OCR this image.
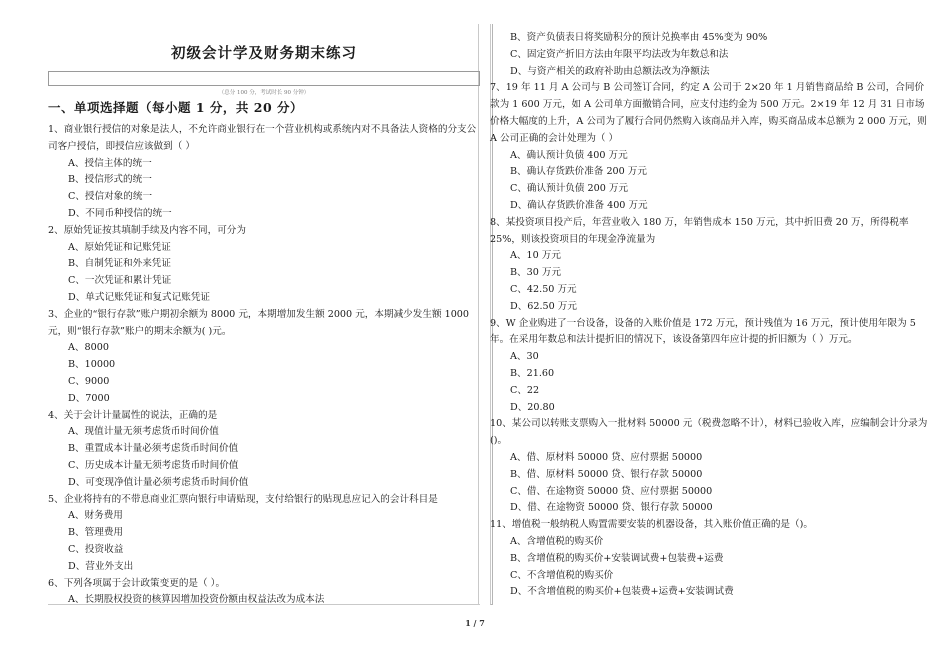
初级会计学及财务期末练习
（总分 100 分，考试时长 90 分钟）
一、单项选择题（每小题 1 分，共 20 分）
1、商业银行授信的对象是法人，不允许商业银行在一个营业机构或系统内对不具备法人资格的分支公司客户授信，即授信应该做到（ ）
A、授信主体的统一
B、授信形式的统一
C、授信对象的统一
D、不同币种授信的统一
2、原始凭证按其填制手续及内容不同，可分为
A、原始凭证和记账凭证
B、自制凭证和外来凭证
C、一次凭证和累计凭证
D、单式记账凭证和复式记账凭证
3、企业的“银行存款”账户期初余额为 8000 元，本期增加发生额 2000 元，本期减少发生额 1000 元，则“银行存款”账户的期末余额为( )元。
A、8000
B、10000
C、9000
D、7000
4、关于会计计量属性的说法，正确的是
A、现值计量无须考虑货币时间价值
B、重置成本计量必须考虑货币时间价值
C、历史成本计量无须考虑货币时间价值
D、可变现净值计量必须考虑货币时间价值
5、企业将持有的不带息商业汇票向银行申请贴现，支付给银行的贴现息应记入的会计科目是
A、财务费用
B、管理费用
C、投资收益
D、营业外支出
6、下列各项属于会计政策变更的是（ ）。
A、长期股权投资的核算因增加投资份额由权益法改为成本法
B、资产负债表日将奖励积分的预计兑换率由 45%变为 90%
C、固定资产折旧方法由年限平均法改为年数总和法
D、与资产相关的政府补助由总额法改为净额法
7、19 年 11 月 A 公司与 B 公司签订合同，约定 A 公司于 2×20 年 1 月销售商品给 B 公司，合同价款为 1 600 万元，如 A 公司单方面撤销合同，应支付违约金为 500 万元。2×19 年 12 月 31 日市场价格大幅度的上升，A 公司为了履行合同仍然购入该商品并入库，购买商品成本总额为 2 000 万元，则 A 公司正确的会计处理为（ ）
A、确认预计负债 400 万元
B、确认存货跌价准备 200 万元
C、确认预计负债 200 万元
D、确认存货跌价准备 400 万元
8、某投资项目投产后，年营业收入 180 万，年销售成本 150 万元，其中折旧费 20 万，所得税率 25%，则该投资项目的年现金净流量为
A、10 万元
B、30 万元
C、42.50 万元
D、62.50 万元
9、W 企业购进了一台设备，设备的入账价值是 172 万元，预计残值为 16 万元，预计使用年限为 5 年。在采用年数总和法计提折旧的情况下，该设备第四年应计提的折旧额为（ ）万元。
A、30
B、21.60
C、22
D、20.80
10、某公司以转账支票购入一批材料 50000 元（税费忽略不计），材料已验收入库，应编制会计分录为()。
A、借、原材料 50000 贷、应付票据 50000
B、借、原材料 50000 贷、银行存款 50000
C、借、在途物资 50000 贷、应付票据 50000
D、借、在途物资 50000 贷、银行存款 50000
11、增值税一般纳税人购置需要安装的机器设备，其入账价值正确的是（)。
A、含增值税的购买价
B、含增值税的购买价+安装调试费+包装费+运费
C、不含增值税的购买价
D、不含增值税的购买价+包装费+运费+安装调试费
1 / 7
